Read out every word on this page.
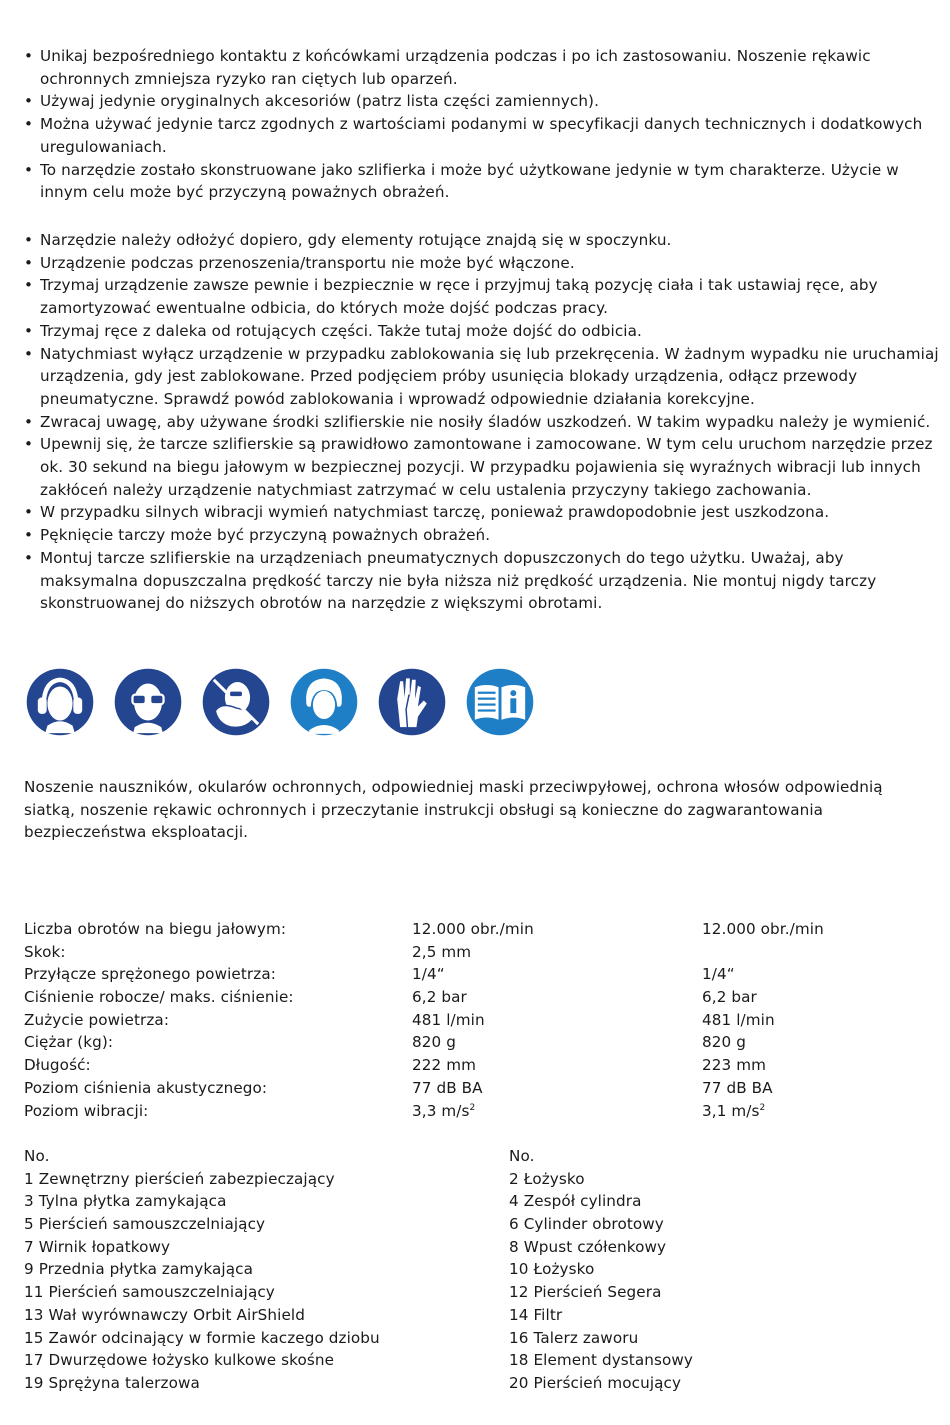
• Unikaj bezpośredniego kontaktu z końcówkami urządzenia podczas i po ich zastosowaniu. Noszenie rękawic ochronnych zmniejsza ryzyko ran ciętych lub oparzeń.
• Używaj jedynie oryginalnych akcesoriów (patrz lista części zamiennych).
• Można używać jedynie tarcz zgodnych z wartościami podanymi w specyfikacji danych technicznych i dodatkowych uregulowaniach.
• To narzędzie zostało skonstruowane jako szlifierka i może być użytkowane jedynie w tym charakterze. Użycie w innym celu może być przyczyną poważnych obrażeń.
• Narzędzie należy odłożyć dopiero, gdy elementy rotujące znajdą się w spoczynku.
• Urządzenie podczas przenoszenia/transportu nie może być włączone.
• Trzymaj urządzenie zawsze pewnie i bezpiecznie w ręce i przyjmuj taką pozycję ciała i tak ustawiaj ręce, aby zamortyzować ewentualne odbicia, do których może dojść podczas pracy.
• Trzymaj ręce z daleka od rotujących części. Także tutaj może dojść do odbicia.
• Natychmiast wyłącz urządzenie w przypadku zablokowania się lub przekręcenia. W żadnym wypadku nie uruchamiaj urządzenia, gdy jest zablokowane. Przed podjęciem próby usunięcia blokady urządzenia, odłącz przewody pneumatyczne. Sprawdź powód zablokowania i wprowadź odpowiednie działania korekcyjne.
• Zwracaj uwagę, aby używane środki szlifierskie nie nosiły śladów uszkodzeń. W takim wypadku należy je wymienić.
• Upewnij się, że tarcze szlifierskie są prawidłowo zamontowane i zamocowane. W tym celu uruchom narzędzie przez ok. 30 sekund na biegu jałowym w bezpiecznej pozycji. W przypadku pojawienia się wyraźnych wibracji lub innych zakłóceń należy urządzenie natychmiast zatrzymać w celu ustalenia przyczyny takiego zachowania.
• W przypadku silnych wibracji wymień natychmiast tarczę, ponieważ prawdopodobnie jest uszkodzona.
• Pęknięcie tarczy może być przyczyną poważnych obrażeń.
• Montuj tarcze szlifierskie na urządzeniach pneumatycznych dopuszczonych do tego użytku. Uważaj, aby maksymalna dopuszczalna prędkość tarczy nie była niższa niż prędkość urządzenia. Nie montuj nigdy tarczy skonstruowanej do niższych obrotów na narzędzie z większymi obrotami.
Noszenie nauszników, okularów ochronnych, odpowiedniej maski przeciwpyłowej, ochrona włosów odpowiednią siatką, noszenie rękawic ochronnych i przeczytanie instrukcji obsługi są konieczne do zagwarantowania bezpieczeństwa eksploatacji.
Liczba obrotów na biegu jałowym:	12.000 obr./min	12.000 obr./min
Skok:	2,5 mm
Przyłącze sprężonego powietrza:	1/4“	1/4“
Ciśnienie robocze/ maks. ciśnienie:	6,2 bar	6,2 bar
Zużycie powietrza:	481 l/min	481 l/min
Ciężar (kg):	820 g	820 g
Długość:	222 mm	223 mm
Poziom ciśnienia akustycznego:	77 dB BA	77 dB BA
Poziom wibracji:	3,3 $m/s^2$	3,1 $m/s^2$
No.
1 Zewnętrzny pierścień zabezpieczający
3 Tylna płytka zamykająca
5 Pierścień samouszczelniający
7 Wirnik łopatkowy
9 Przednia płytka zamykająca
11 Pierścień samouszczelniający
13 Wał wyrównawczy Orbit AirShield
15 Zawór odcinający w formie kaczego dziobu
17 Dwurzędowe łożysko kulkowe skośne
19 Sprężyna talerzowa
No.
2 Łożysko
4 Zespół cylindra
6 Cylinder obrotowy
8 Wpust czółenkowy
10 Łożysko
12 Pierścień Segera
14 Filtr
16 Talerz zaworu
18 Element dystansowy
20 Pierścień mocujący
